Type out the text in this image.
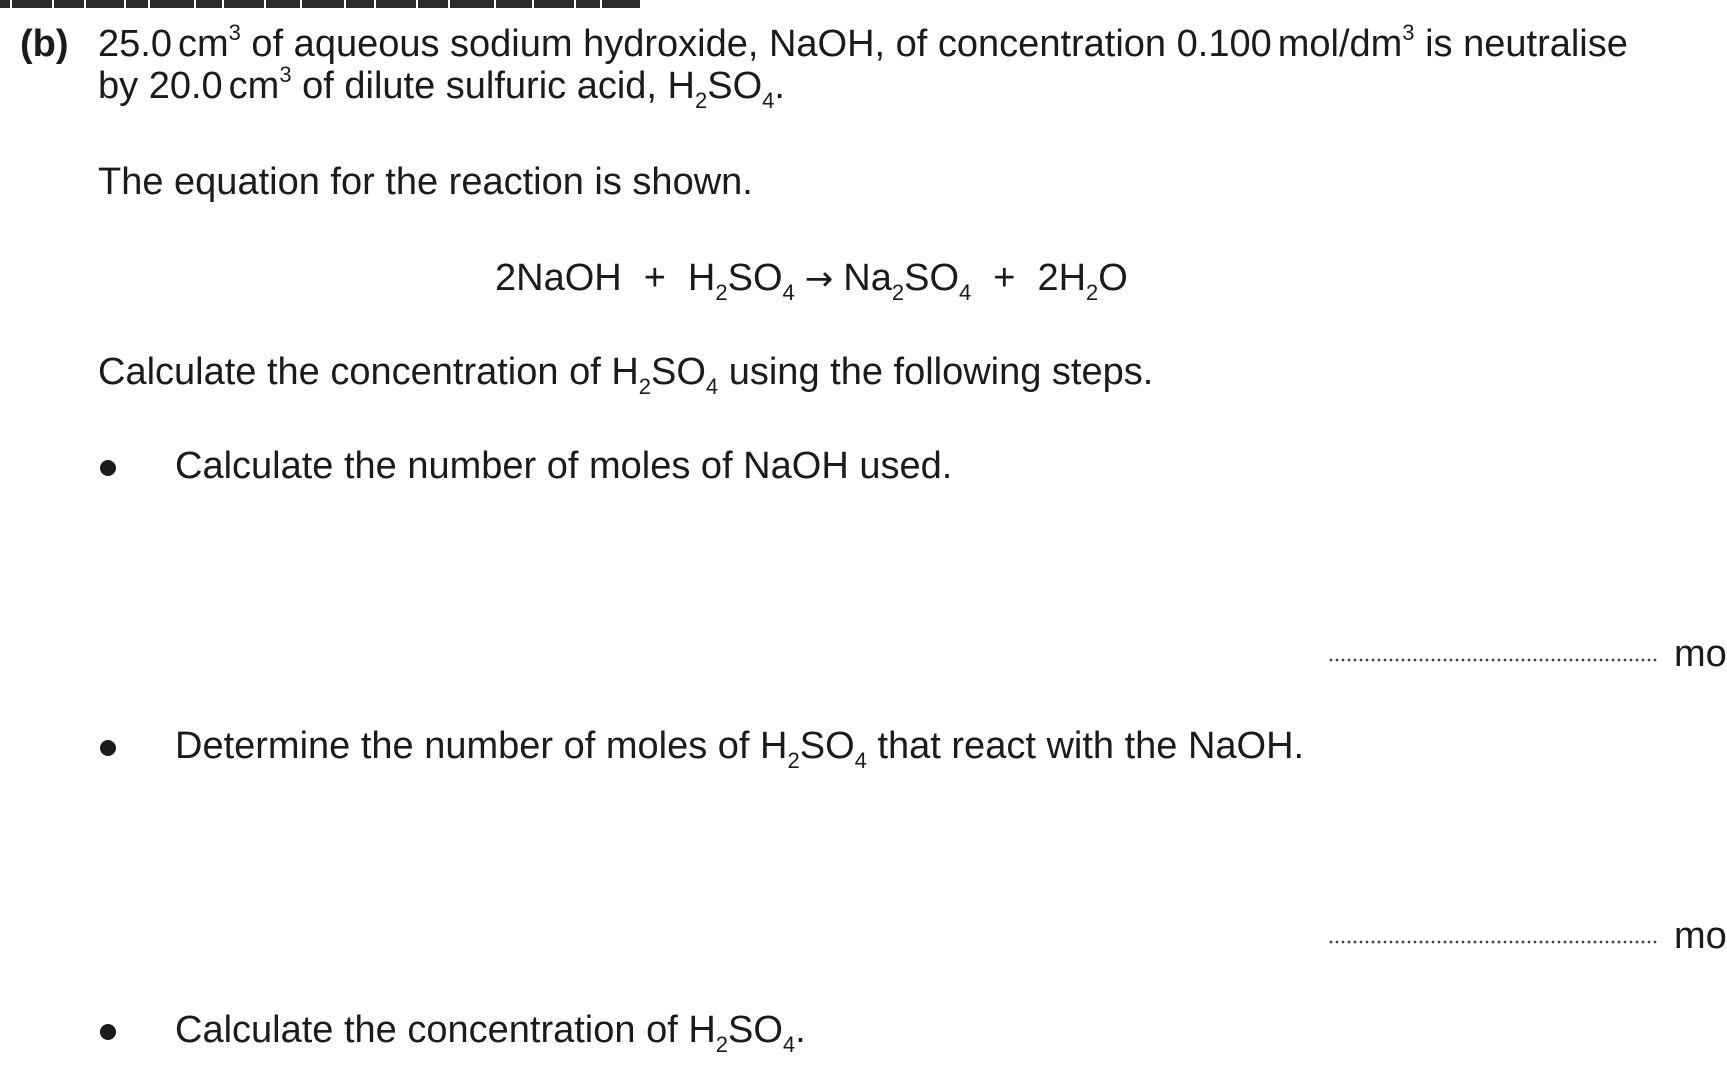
(b) 25.0 $cm^3$ of aqueous sodium hydroxide, NaOH, of concentration 0.100 mol/$dm^3$ is neutralise
by 20.0 $cm^3$ of dilute sulfuric acid, $H_2SO_4$.
The equation for the reaction is shown.
2NaOH + $H_2SO_4 \to Na_2SO_4 + 2H_2O$
Calculate the concentration of $H_2SO_4$ using the following steps.
Calculate the number of moles of NaOH used.
mo
Determine the number of moles of $H_2SO_4$ that react with the NaOH.
mo
Calculate the concentration of $H_2SO_4$.
